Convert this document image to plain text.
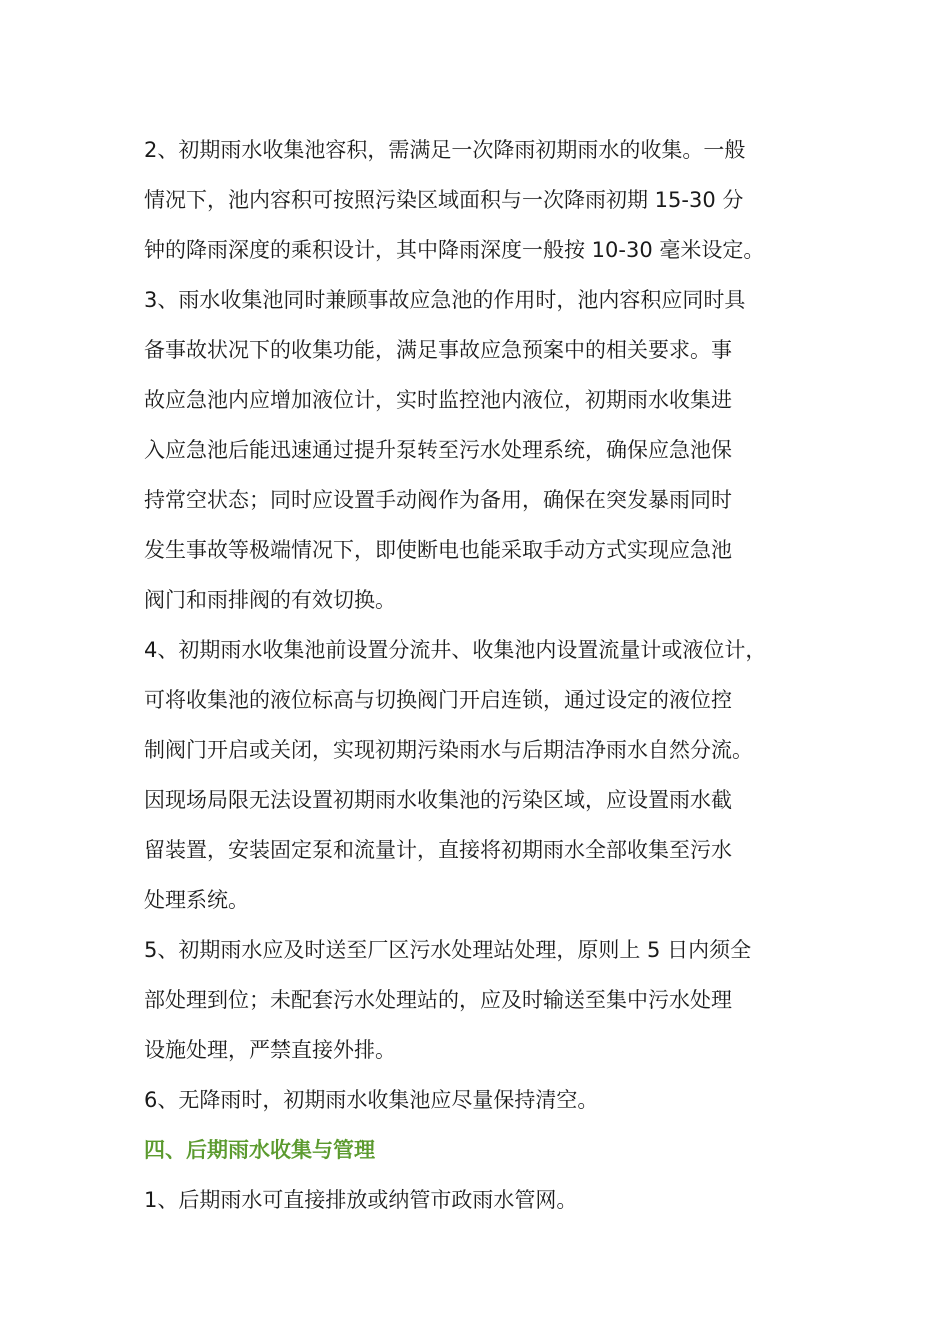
2、初期雨水收集池容积，需满足一次降雨初期雨水的收集。一般
情况下，池内容积可按照污染区域面积与一次降雨初期 15-30 分
钟的降雨深度的乘积设计，其中降雨深度一般按 10-30 毫米设定。
3、雨水收集池同时兼顾事故应急池的作用时，池内容积应同时具
备事故状况下的收集功能，满足事故应急预案中的相关要求。事
故应急池内应增加液位计，实时监控池内液位，初期雨水收集进
入应急池后能迅速通过提升泵转至污水处理系统，确保应急池保
持常空状态；同时应设置手动阀作为备用，确保在突发暴雨同时
发生事故等极端情况下，即使断电也能采取手动方式实现应急池
阀门和雨排阀的有效切换。
4、初期雨水收集池前设置分流井、收集池内设置流量计或液位计，
可将收集池的液位标高与切换阀门开启连锁，通过设定的液位控
制阀门开启或关闭，实现初期污染雨水与后期洁净雨水自然分流。
因现场局限无法设置初期雨水收集池的污染区域，应设置雨水截
留装置，安装固定泵和流量计，直接将初期雨水全部收集至污水
处理系统。
5、初期雨水应及时送至厂区污水处理站处理，原则上 5 日内须全
部处理到位；未配套污水处理站的，应及时输送至集中污水处理
设施处理，严禁直接外排。
6、无降雨时，初期雨水收集池应尽量保持清空。
四、后期雨水收集与管理
1、后期雨水可直接排放或纳管市政雨水管网。
